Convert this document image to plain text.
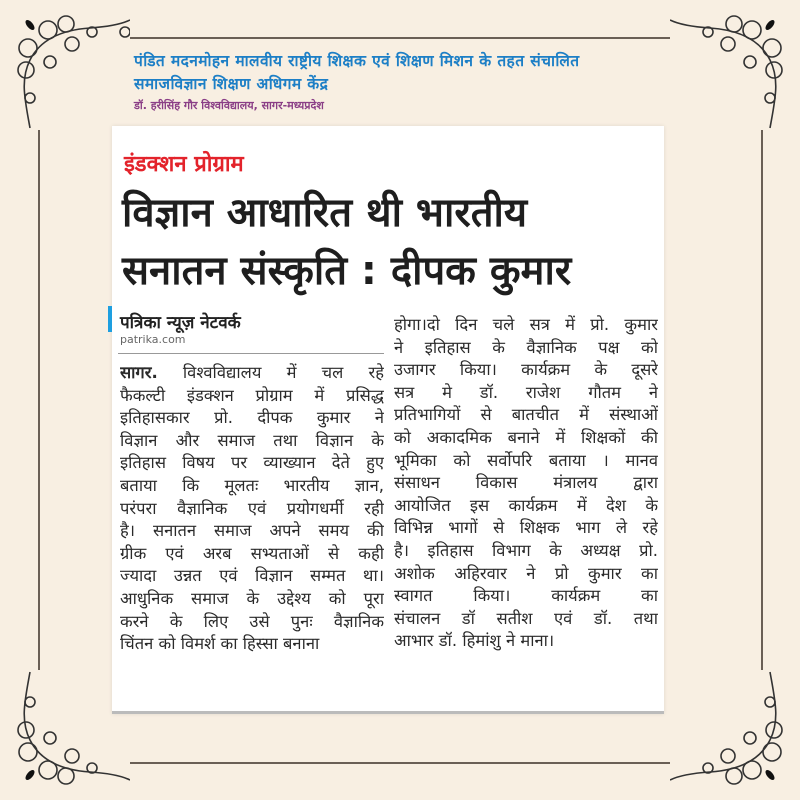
पंडित मदनमोहन मालवीय राष्ट्रीय शिक्षक एवं शिक्षण मिशन के तहत संचालित
समाजविज्ञान शिक्षण अधिगम केंद्र
डॉ. हरीसिंह गौर विश्वविद्यालय, सागर-मध्यप्रदेश
इंडक्शन प्रोग्राम
विज्ञान आधारित थी भारतीय
सनातन संस्कृति : दीपक कुमार
पत्रिका न्यूज़ नेटवर्क
patrika.com
सागर. विश्वविद्यालय में चल रहे
फैकल्टी इंडक्शन प्रोग्राम में प्रसिद्ध
इतिहासकार प्रो. दीपक कुमार ने
विज्ञान और समाज तथा विज्ञान के
इतिहास विषय पर व्याख्यान देते हुए
बताया कि मूलतः भारतीय ज्ञान,
परंपरा वैज्ञानिक एवं प्रयोगधर्मी रही
है। सनातन समाज अपने समय की
ग्रीक एवं अरब सभ्यताओं से कही
ज्यादा उन्नत एवं विज्ञान सम्मत था।
आधुनिक समाज के उद्देश्य को पूरा
करने के लिए उसे पुनः वैज्ञानिक
चिंतन को विमर्श का हिस्सा बनाना
होगा।दो दिन चले सत्र में प्रो. कुमार
ने इतिहास के वैज्ञानिक पक्ष को
उजागर किया। कार्यक्रम के दूसरे
सत्र मे डॉ. राजेश गौतम ने
प्रतिभागियों से बातचीत में संस्थाओं
को अकादमिक बनाने में शिक्षकों की
भूमिका को सर्वोपरि बताया । मानव
संसाधन विकास मंत्रालय द्वारा
आयोजित इस कार्यक्रम में देश के
विभिन्न भागों से शिक्षक भाग ले रहे
है। इतिहास विभाग के अध्यक्ष प्रो.
अशोक अहिरवार ने प्रो कुमार का
स्वागत किया। कार्यक्रम का
संचालन डॉ सतीश एवं डॉ. तथा
आभार डॉ. हिमांशु ने माना।
